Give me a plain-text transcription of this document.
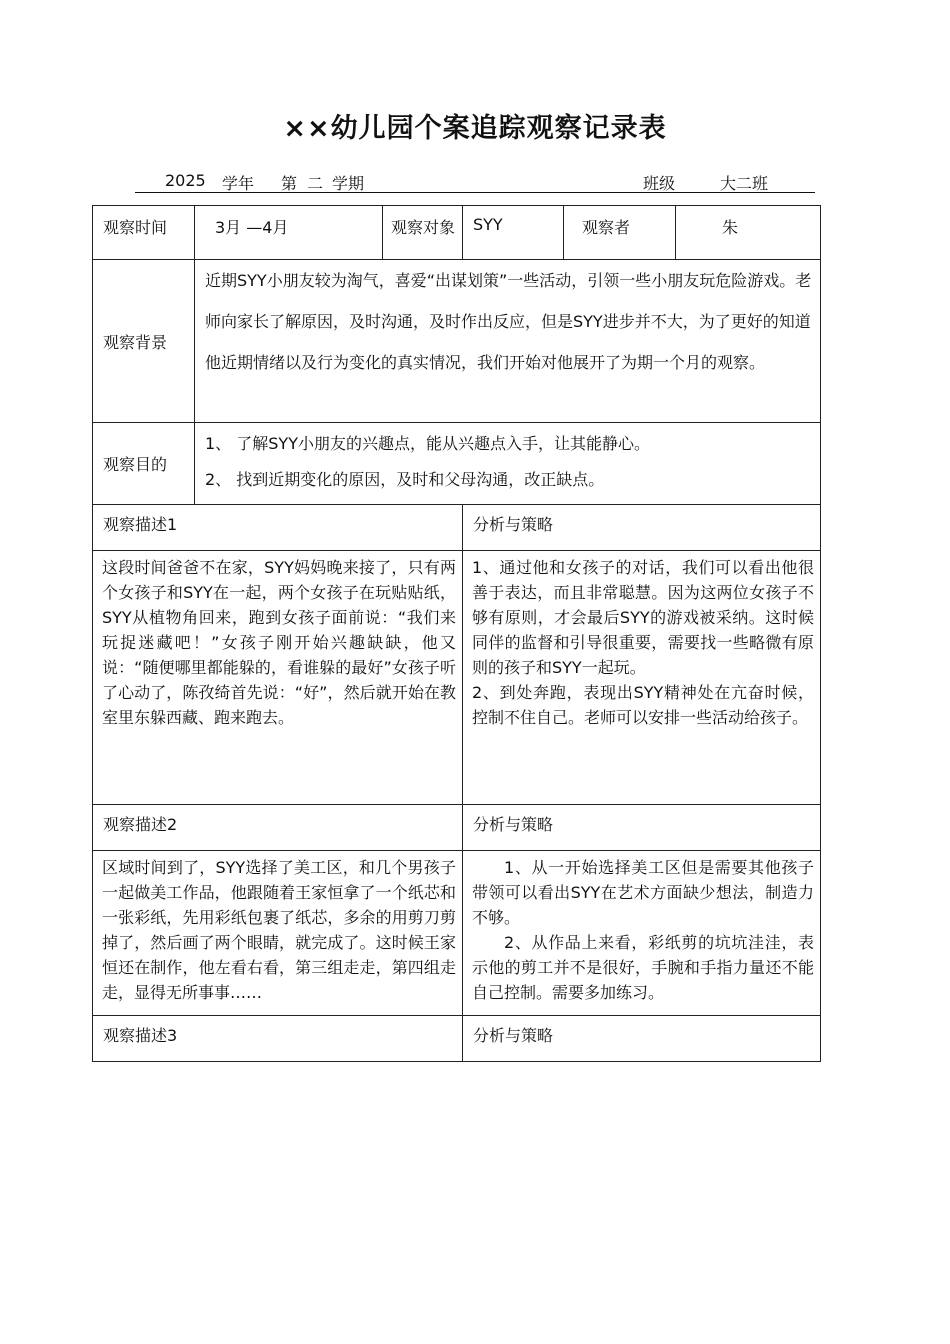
××幼儿园个案追踪观察记录表
2025 学年 第 二 学期	班级	大二班
观察时间	3月 —4月	观察对象	SYY	观察者	朱
观察背景	近期SYY小朋友较为淘气，喜爱“出谋划策”一些活动，引领一些小朋友玩危险游戏。老师向家长了解原因，及时沟通，及时作出反应，但是SYY进步并不大，为了更好的知道他近期情绪以及行为变化的真实情况，我们开始对他展开了为期一个月的观察。				
观察目的	1、 了解SYY小朋友的兴趣点，能从兴趣点入手，让其能静心。
2、 找到近期变化的原因，及时和父母沟通，改正缺点。				

观察描述1			分析与策略		

这段时间爸爸不在家，SYY妈妈晚来接了，只有两个女孩子和SYY在一起，两个女孩子在玩贴贴纸，SYY从植物角回来，跑到女孩子面前说：“我们来玩捉迷藏吧！”女孩子刚开始兴趣缺缺，他又说：“随便哪里都能躲的，看谁躲的最好”女孩子听了心动了，陈孜绮首先说：“好”，然后就开始在教室里东躲西藏、跑来跑去。			1、通过他和女孩子的对话，我们可以看出他很善于表达，而且非常聪慧。因为这两位女孩子不够有原则，才会最后SYY的游戏被采纳。这时候同伴的监督和引导很重要，需要找一些略微有原则的孩子和SYY一起玩。

2、到处奔跑，表现出SYY精神处在亢奋时候，控制不住自己。老师可以安排一些活动给孩子。		

观察描述2			分析与策略		

区域时间到了，SYY选择了美工区，和几个男孩子一起做美工作品，他跟随着王家恒拿了一个纸芯和一张彩纸，先用彩纸包裹了纸芯，多余的用剪刀剪掉了，然后画了两个眼睛，就完成了。这时候王家恒还在制作，他左看右看，第三组走走，第四组走走，显得无所事事……			1、从一开始选择美工区但是需要其他孩子带领可以看出SYY在艺术方面缺少想法，制造力不够。

2、从作品上来看，彩纸剪的坑坑洼洼，表示他的剪工并不是很好，手腕和手指力量还不能自己控制。需要多加练习。		

观察描述3			分析与策略		
